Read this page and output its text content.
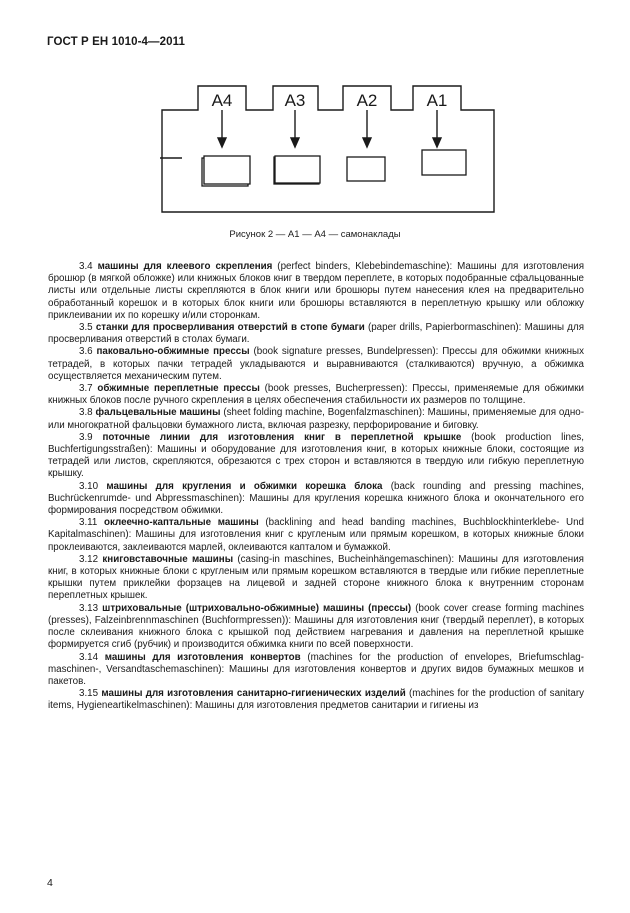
ГОСТ Р ЕН 1010-4—2011
A4	A3	A2	A1
Рисунок 2 — А1 — А4 — самонаклады

3.4 машины для клеевого скрепления (perfect binders, Klebebindemaschine): Машины для изготовления брошюр (в мягкой обложке) или книжных блоков книг в твердом переплете, в которых подобранные сфальцованные листы или отдельные листы скрепляются в блок книги или брошюры путем нанесения клея на предварительно обработанный корешок и в которых блок книги или брошюры вставляются в переплетную крышку или обложку приклеивании их по корешку и/или сторонкам.

3.5 станки для просверливания отверстий в стопе бумаги (paper drills, Papierbormaschinen): Машины для просверливания отверстий в столах бумаги.

3.6 паковально-обжимные прессы (book signature presses, Bundelpressen): Прессы для обжимки книжных тетрадей, в которых пачки тетрадей укладываются и выравниваются (сталкиваются) вручную, а обжимка осуществляется механическим путем.

3.7 обжимные переплетные прессы (book presses, Bucherpressen): Прессы, применяемые для обжимки книжных блоков после ручного скрепления в целях обеспечения стабильности их размеров по толщине.

3.8 фальцевальные машины (sheet folding machine, Bogenfalzmaschinen): Машины, применяемые для одно- или многократной фальцовки бумажного листа, включая разрезку, перфорирование и биговку.

3.9 поточные линии для изготовления книг в переплетной крышке (book production lines, Buchfertigungsstraßen): Машины и оборудование для изготовления книг, в которых книжные блоки, состоящие из тетрадей или листов, скрепляются, обрезаются с трех сторон и вставляются в твердую или гибкую переплетную крышку.

3.10 машины для кругления и обжимки корешка блока (back rounding and pressing machines, Buchrückenrumde- und Abpressmaschinen): Машины для кругления корешка книжного блока и окончательного его формирования посредством обжимки.

3.11 оклеечно-каптальные машины (backlining and head banding machines, Buchblockhinterklebe- Und Kapitalmaschinen): Машины для изготовления книг с кругленым или прямым корешком, в которых книжные блоки проклеиваются, заклеиваются марлей, оклеиваются капталом и бумажкой.

3.12 книговставочные машины (casing-in maschines, Bucheinhängemaschinen): Машины для изготовления книг, в которых книжные блоки с кругленым или прямым корешком вставляются в твердые или гибкие переплетные крышки путем приклейки форзацев на лицевой и задней стороне книжного блока к внутренним сторонам переплетных крышек.

3.13 штриховальные (штриховально-обжимные) машины (прессы) (book cover crease forming machines (presses), Falzeinbrennmaschinen (Buchformpressen)): Машины для изготовления книг (твердый переплет), в которых после склеивания книжного блока с крышкой под действием нагревания и давления на переплетной крышке формируется сгиб (рубчик) и производится обжимка книги по всей поверхности.

3.14 машины для изготовления конвертов (machines for the production of envelopes, Briefumschlag-maschinen-, Versandtaschemaschinen): Машины для изготовления конвертов и других видов бумажных мешков и пакетов.

3.15 машины для изготовления санитарно-гигиенических изделий (machines for the production of sanitary items, Hygieneartikelmaschinen): Машины для изготовления предметов санитарии и гигиены из

4
